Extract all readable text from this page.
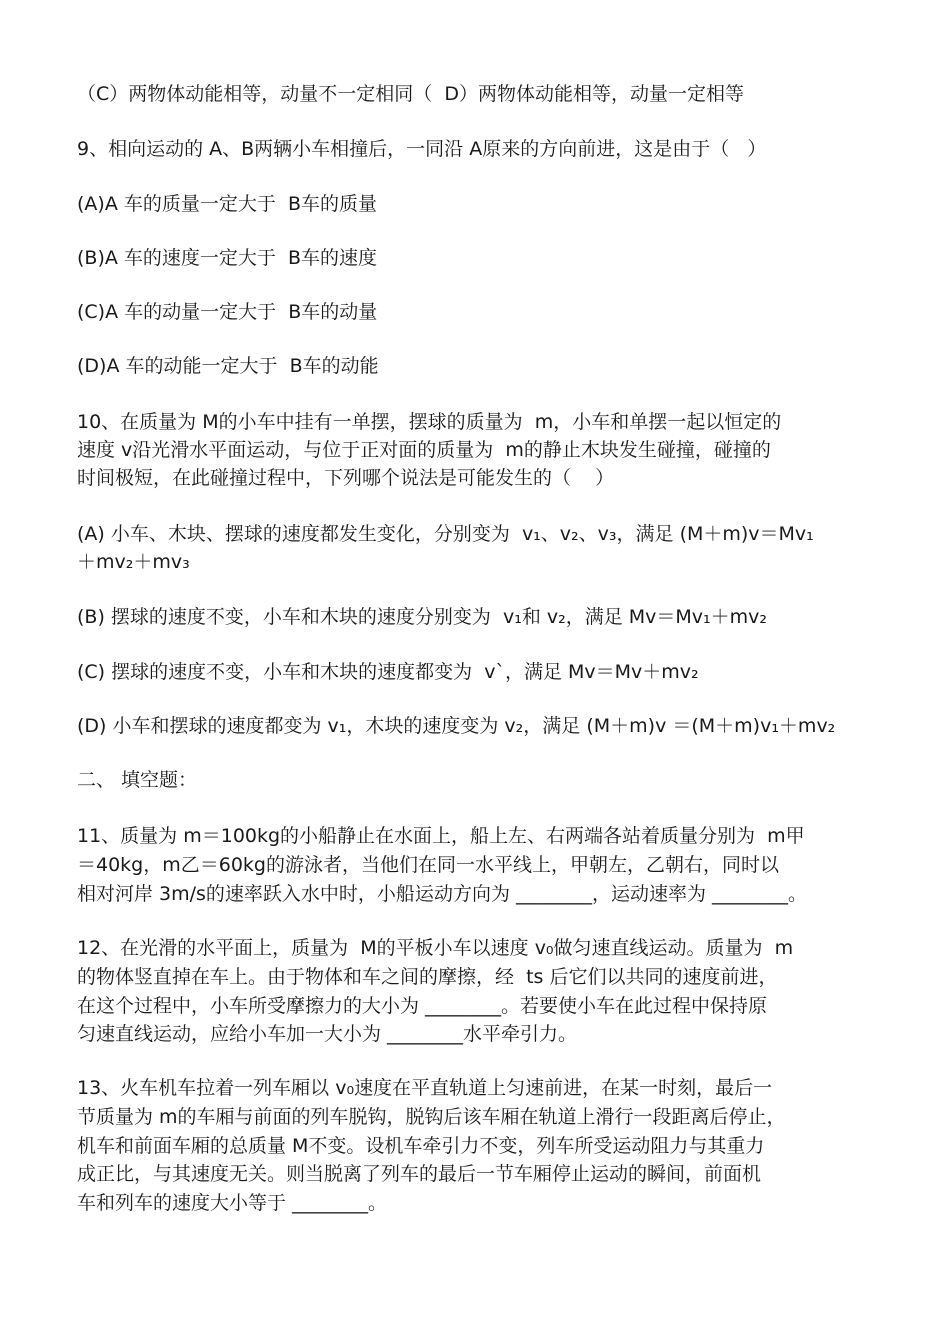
（C）两物体动能相等，动量不一定相同（  D）两物体动能相等，动量一定相等
9、相向运动的 A、B两辆小车相撞后，一同沿 A原来的方向前进，这是由于（   ）
(A)A 车的质量一定大于  B车的质量
(B)A 车的速度一定大于  B车的速度
(C)A 车的动量一定大于  B车的动量
(D)A 车的动能一定大于  B车的动能
10、在质量为 M的小车中挂有一单摆，摆球的质量为  m，小车和单摆一起以恒定的
速度 v沿光滑水平面运动，与位于正对面的质量为  m的静止木块发生碰撞，碰撞的
时间极短，在此碰撞过程中，下列哪个说法是可能发生的（    ）
(A) 小车、木块、摆球的速度都发生变化，分别变为  v₁、v₂、v₃，满足 (M＋m)v＝Mv₁
＋mv₂＋mv₃
(B) 摆球的速度不变，小车和木块的速度分别变为  v₁和 v₂，满足 Mv＝Mv₁＋mv₂
(C) 摆球的速度不变，小车和木块的速度都变为  v`，满足 Mv＝Mv＋mv₂
(D) 小车和摆球的速度都变为 v₁，木块的速度变为 v₂，满足 (M＋m)v ＝(M＋m)v₁＋mv₂
二、 填空题：
11、质量为 m＝100kg的小船静止在水面上，船上左、右两端各站着质量分别为  m甲
＝40kg，m乙＝60kg的游泳者，当他们在同一水平线上，甲朝左，乙朝右，同时以
相对河岸 3m/s的速率跃入水中时，小船运动方向为 ________，运动速率为 ________。
12、在光滑的水平面上，质量为  M的平板小车以速度 v₀做匀速直线运动。质量为  m
的物体竖直掉在车上。由于物体和车之间的摩擦，经  ts 后它们以共同的速度前进，
在这个过程中，小车所受摩擦力的大小为 ________。若要使小车在此过程中保持原
匀速直线运动，应给小车加一大小为 ________水平牵引力。
13、火车机车拉着一列车厢以 v₀速度在平直轨道上匀速前进，在某一时刻，最后一
节质量为 m的车厢与前面的列车脱钩，脱钩后该车厢在轨道上滑行一段距离后停止，
机车和前面车厢的总质量 M不变。设机车牵引力不变，列车所受运动阻力与其重力
成正比，与其速度无关。则当脱离了列车的最后一节车厢停止运动的瞬间，前面机
车和列车的速度大小等于 ________。
